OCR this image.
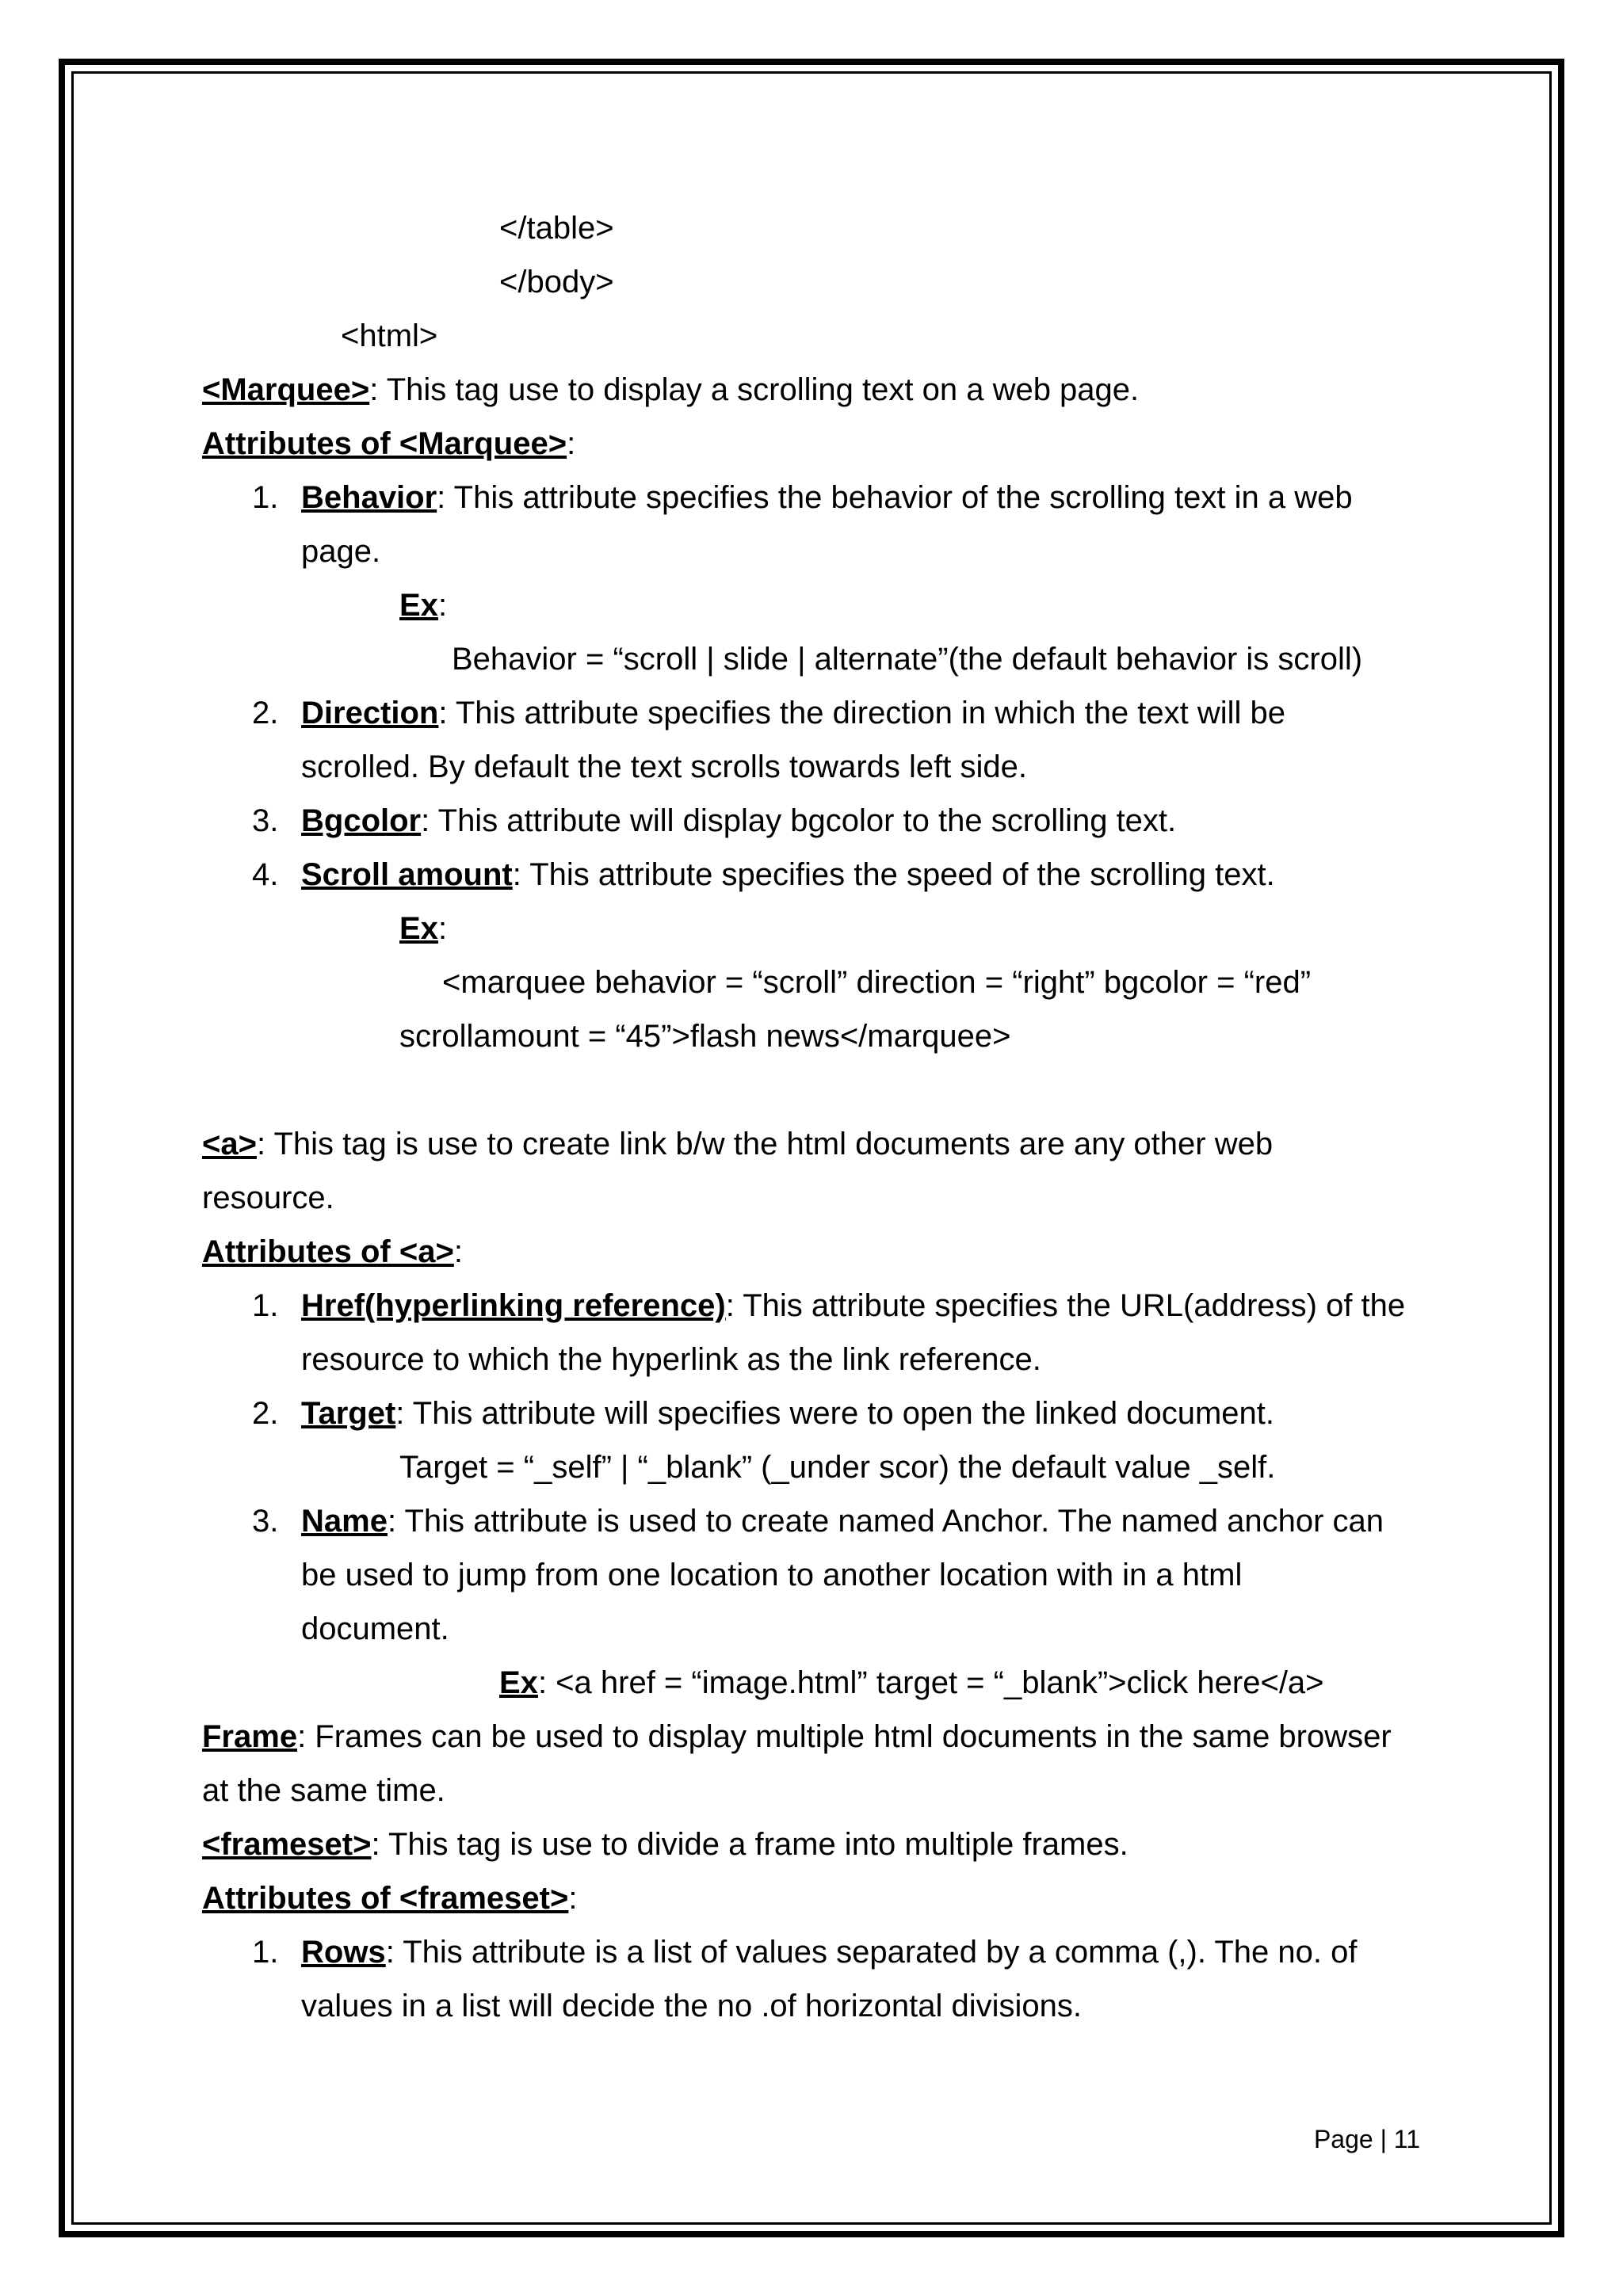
</table>
</body>
<html>
<Marquee>: This tag use to display a scrolling text on a web page.
Attributes of <Marquee>:
1. Behavior: This attribute specifies the behavior of the scrolling text in a web
page.
Ex:
Behavior = “scroll | slide | alternate”(the default behavior is scroll)
2. Direction: This attribute specifies the direction in which the text will be
scrolled. By default the text scrolls towards left side.
3. Bgcolor: This attribute will display bgcolor to the scrolling text.
4. Scroll amount: This attribute specifies the speed of the scrolling text.
Ex:
<marquee behavior = “scroll” direction = “right” bgcolor = “red”
scrollamount = “45”>flash news</marquee>
<a>: This tag is use to create link b/w the html documents are any other web
resource.
Attributes of <a>:
1. Href(hyperlinking reference): This attribute specifies the URL(address) of the
resource to which the hyperlink as the link reference.
2. Target: This attribute will specifies were to open the linked document.
Target = “_self” | “_blank” (_under scor) the default value _self.
3. Name: This attribute is used to create named Anchor. The named anchor can
be used to jump from one location to another location with in a html
document.
Ex: <a href = “image.html” target = “_blank”>click here</a>
Frame: Frames can be used to display multiple html documents in the same browser
at the same time.
<frameset>: This tag is use to divide a frame into multiple frames.
Attributes of <frameset>:
1. Rows: This attribute is a list of values separated by a comma (,). The no. of
values in a list will decide the no .of horizontal divisions.
Page | 11
